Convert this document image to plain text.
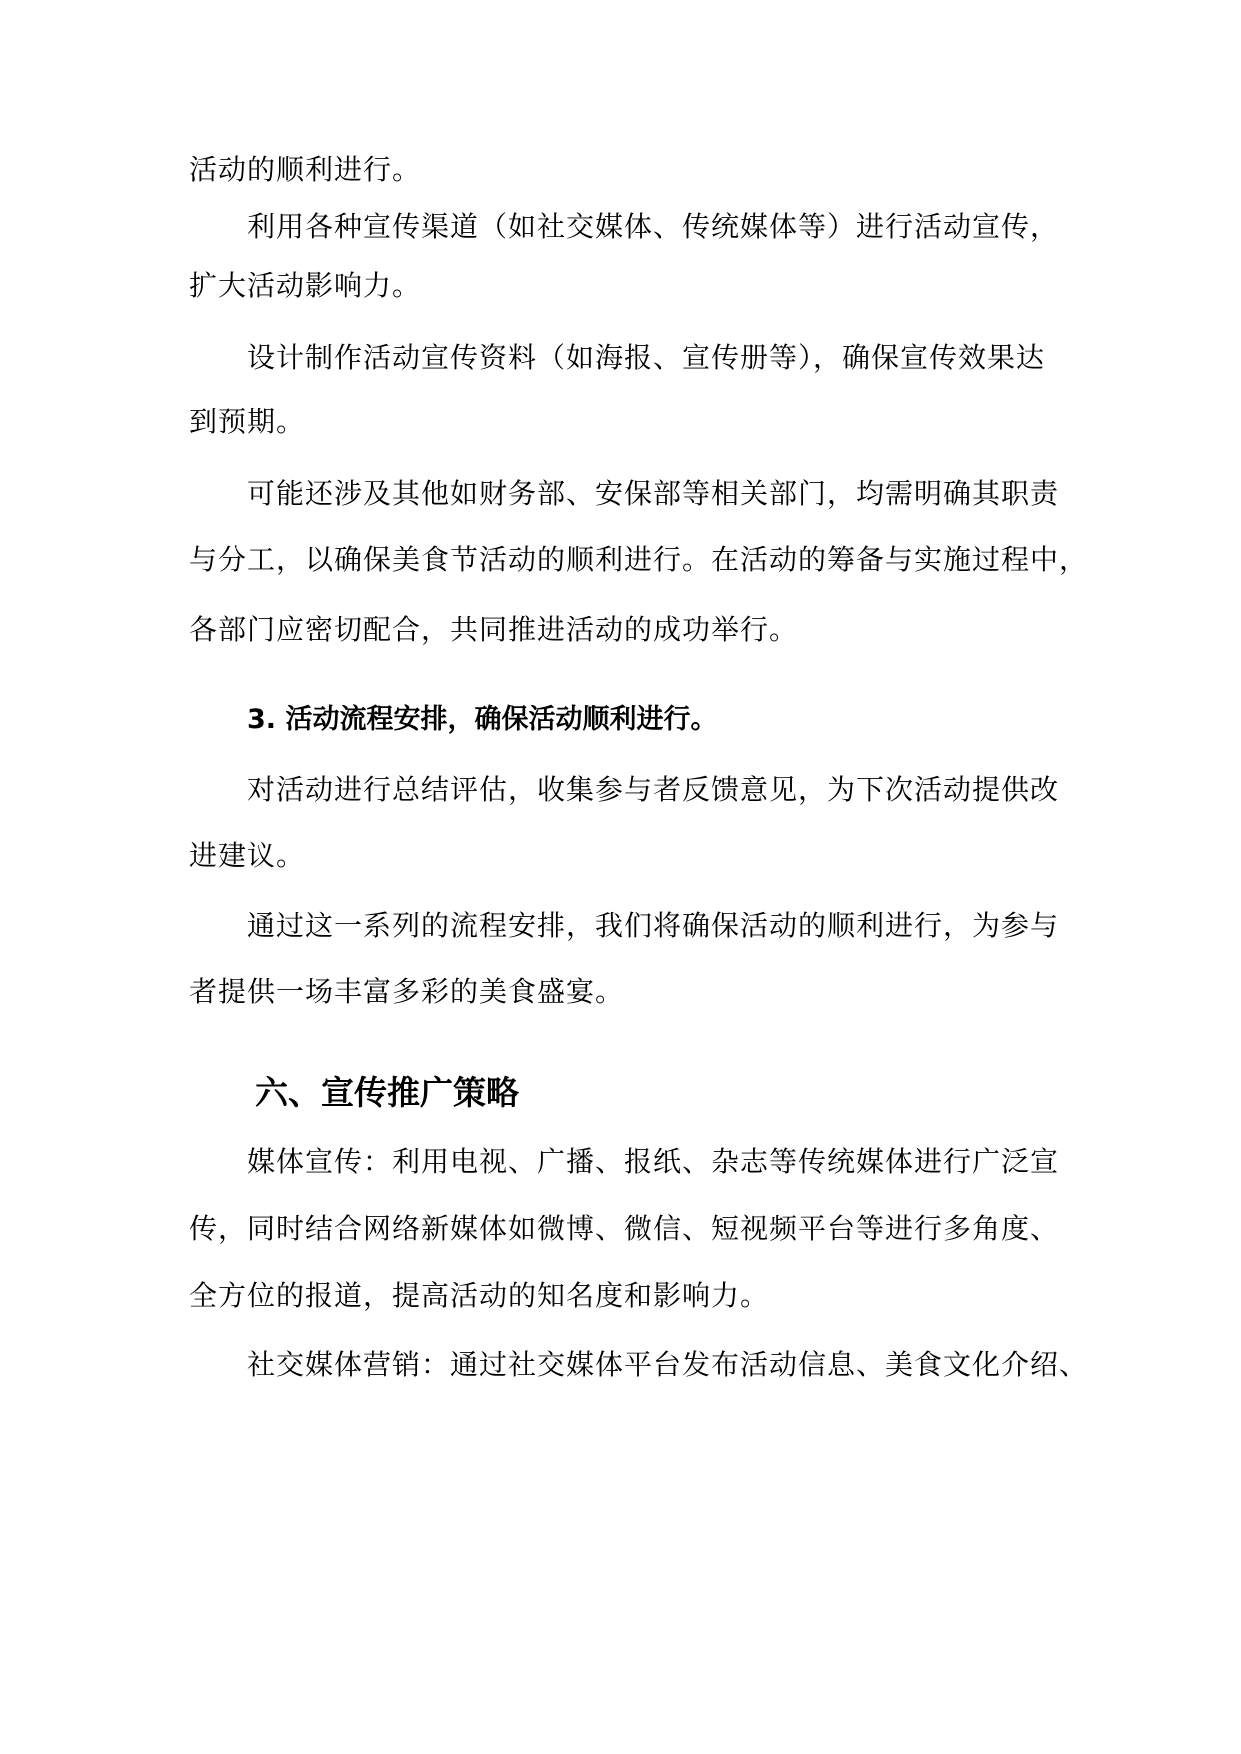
活动的顺利进行。
利用各种宣传渠道（如社交媒体、传统媒体等）进行活动宣传，
扩大活动影响力。
设计制作活动宣传资料（如海报、宣传册等），确保宣传效果达
到预期。
可能还涉及其他如财务部、安保部等相关部门，均需明确其职责
与分工，以确保美食节活动的顺利进行。在活动的筹备与实施过程中，
各部门应密切配合，共同推进活动的成功举行。
3. 活动流程安排，确保活动顺利进行。
对活动进行总结评估，收集参与者反馈意见，为下次活动提供改
进建议。
通过这一系列的流程安排，我们将确保活动的顺利进行，为参与
者提供一场丰富多彩的美食盛宴。
六、宣传推广策略
媒体宣传：利用电视、广播、报纸、杂志等传统媒体进行广泛宣
传，同时结合网络新媒体如微博、微信、短视频平台等进行多角度、
全方位的报道，提高活动的知名度和影响力。
社交媒体营销：通过社交媒体平台发布活动信息、美食文化介绍、
